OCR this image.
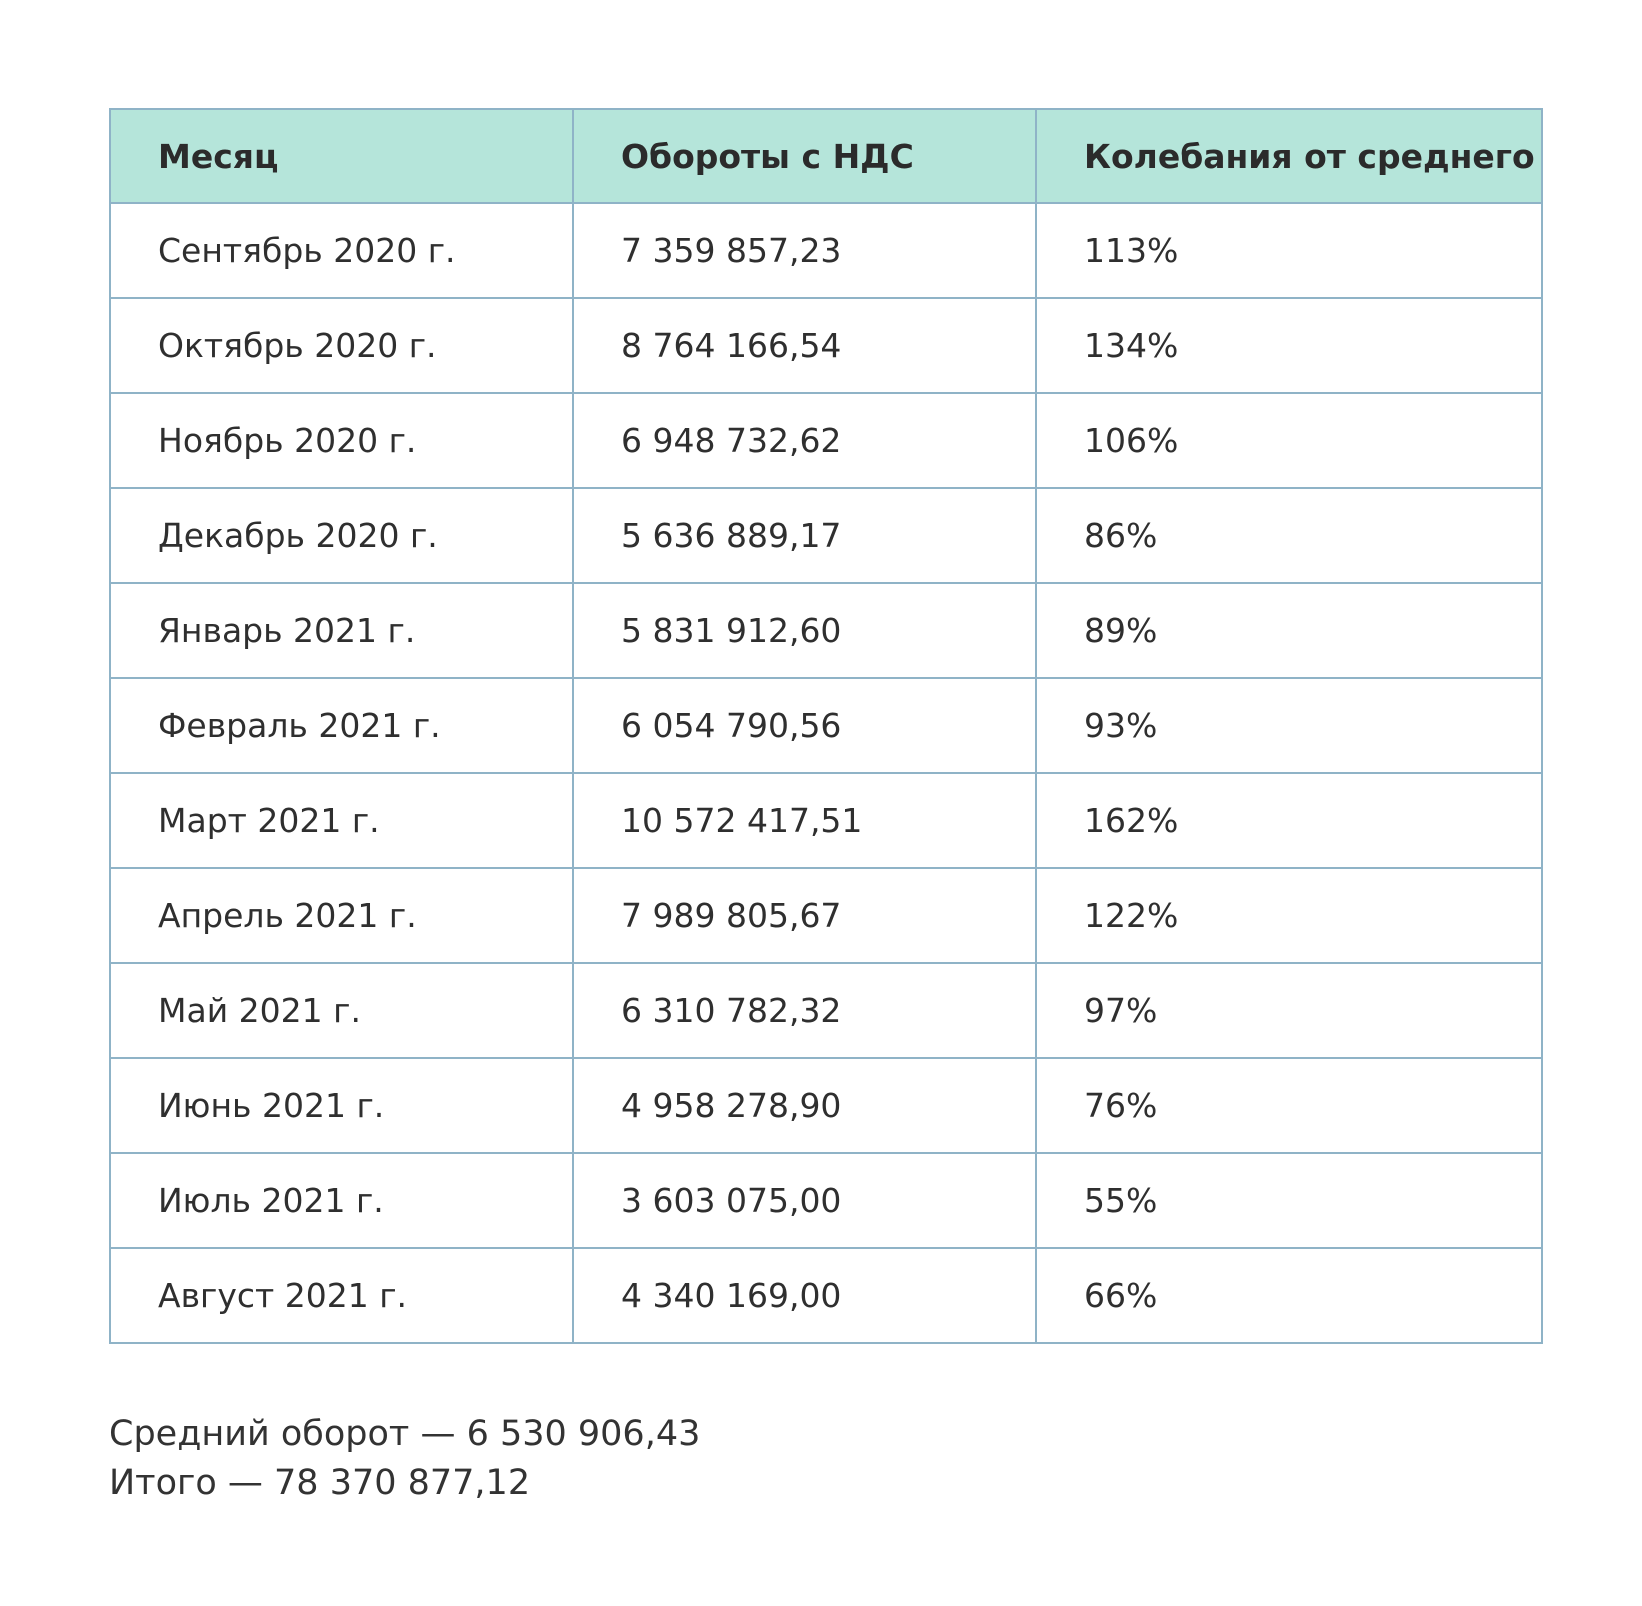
Месяц	Обороты с НДС	Колебания от среднего
Сентябрь 2020 г.	7 359 857,23	113%
Октябрь 2020 г.	8 764 166,54	134%
Ноябрь 2020 г.	6 948 732,62	106%
Декабрь 2020 г.	5 636 889,17	86%
Январь 2021 г.	5 831 912,60	89%
Февраль 2021 г.	6 054 790,56	93%
Март 2021 г.	10 572 417,51	162%
Апрель 2021 г.	7 989 805,67	122%
Май 2021 г.	6 310 782,32	97%
Июнь 2021 г.	4 958 278,90	76%
Июль 2021 г.	3 603 075,00	55%
Август 2021 г.	4 340 169,00	66%
Средний оборот — 6 530 906,43
Итого — 78 370 877,12
